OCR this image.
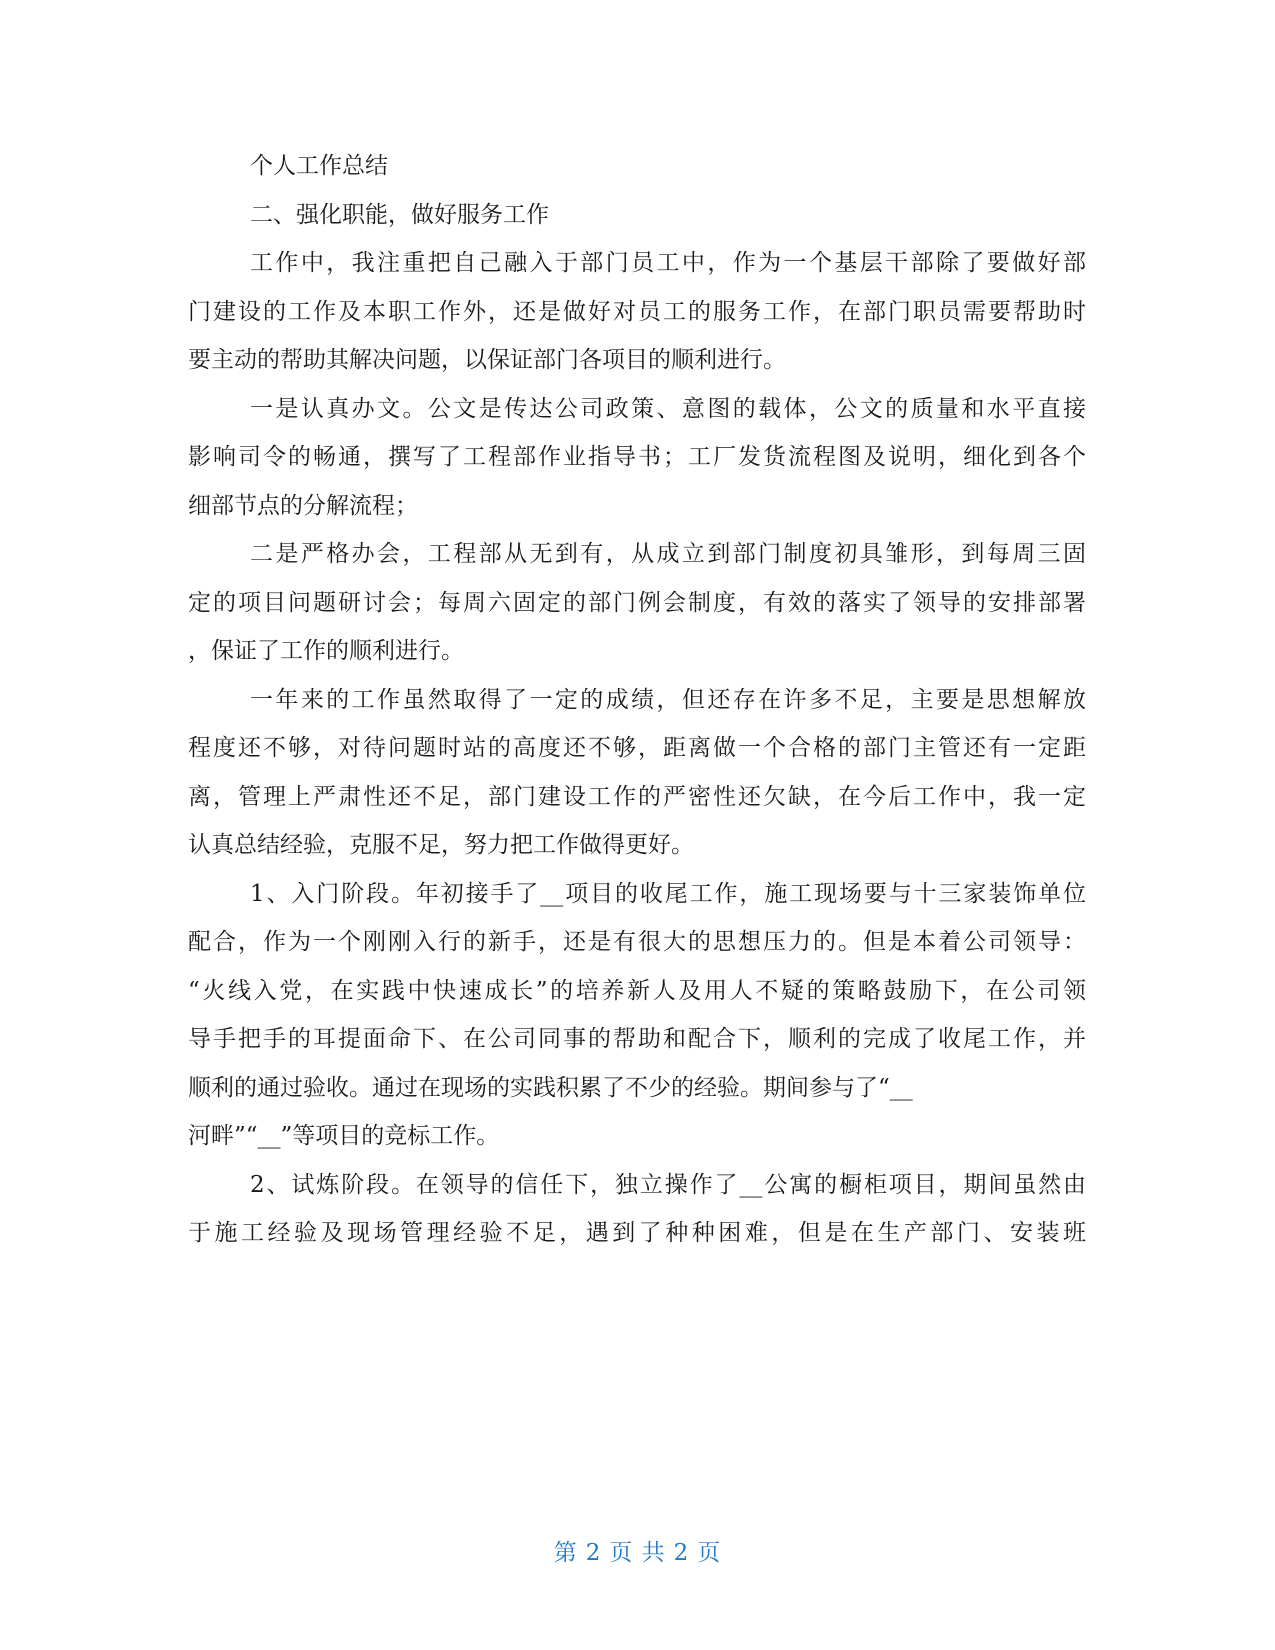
个人工作总结
二、强化职能，做好服务工作
工作中，我注重把自己融入于部门员工中，作为一个基层干部除了要做好部
门建设的工作及本职工作外，还是做好对员工的服务工作，在部门职员需要帮助时
要主动的帮助其解决问题，以保证部门各项目的顺利进行。
一是认真办文。公文是传达公司政策、意图的载体，公文的质量和水平直接
影响司令的畅通，撰写了工程部作业指导书；工厂发货流程图及说明，细化到各个
细部节点的分解流程；
二是严格办会，工程部从无到有，从成立到部门制度初具雏形，到每周三固
定的项目问题研讨会；每周六固定的部门例会制度，有效的落实了领导的安排部署
，保证了工作的顺利进行。
一年来的工作虽然取得了一定的成绩，但还存在许多不足，主要是思想解放
程度还不够，对待问题时站的高度还不够，距离做一个合格的部门主管还有一定距
离，管理上严肃性还不足，部门建设工作的严密性还欠缺，在今后工作中，我一定
认真总结经验，克服不足，努力把工作做得更好。
1、入门阶段。年初接手了__项目的收尾工作，施工现场要与十三家装饰单位
配合，作为一个刚刚入行的新手，还是有很大的思想压力的。但是本着公司领导：
“火线入党，在实践中快速成长”的培养新人及用人不疑的策略鼓励下，在公司领
导手把手的耳提面命下、在公司同事的帮助和配合下，顺利的完成了收尾工作，并
顺利的通过验收。通过在现场的实践积累了不少的经验。期间参与了“__
河畔”“__”等项目的竞标工作。
2、试炼阶段。在领导的信任下，独立操作了__公寓的橱柜项目，期间虽然由
于施工经验及现场管理经验不足，遇到了种种困难，但是在生产部门、安装班
第 2 页 共 2 页
